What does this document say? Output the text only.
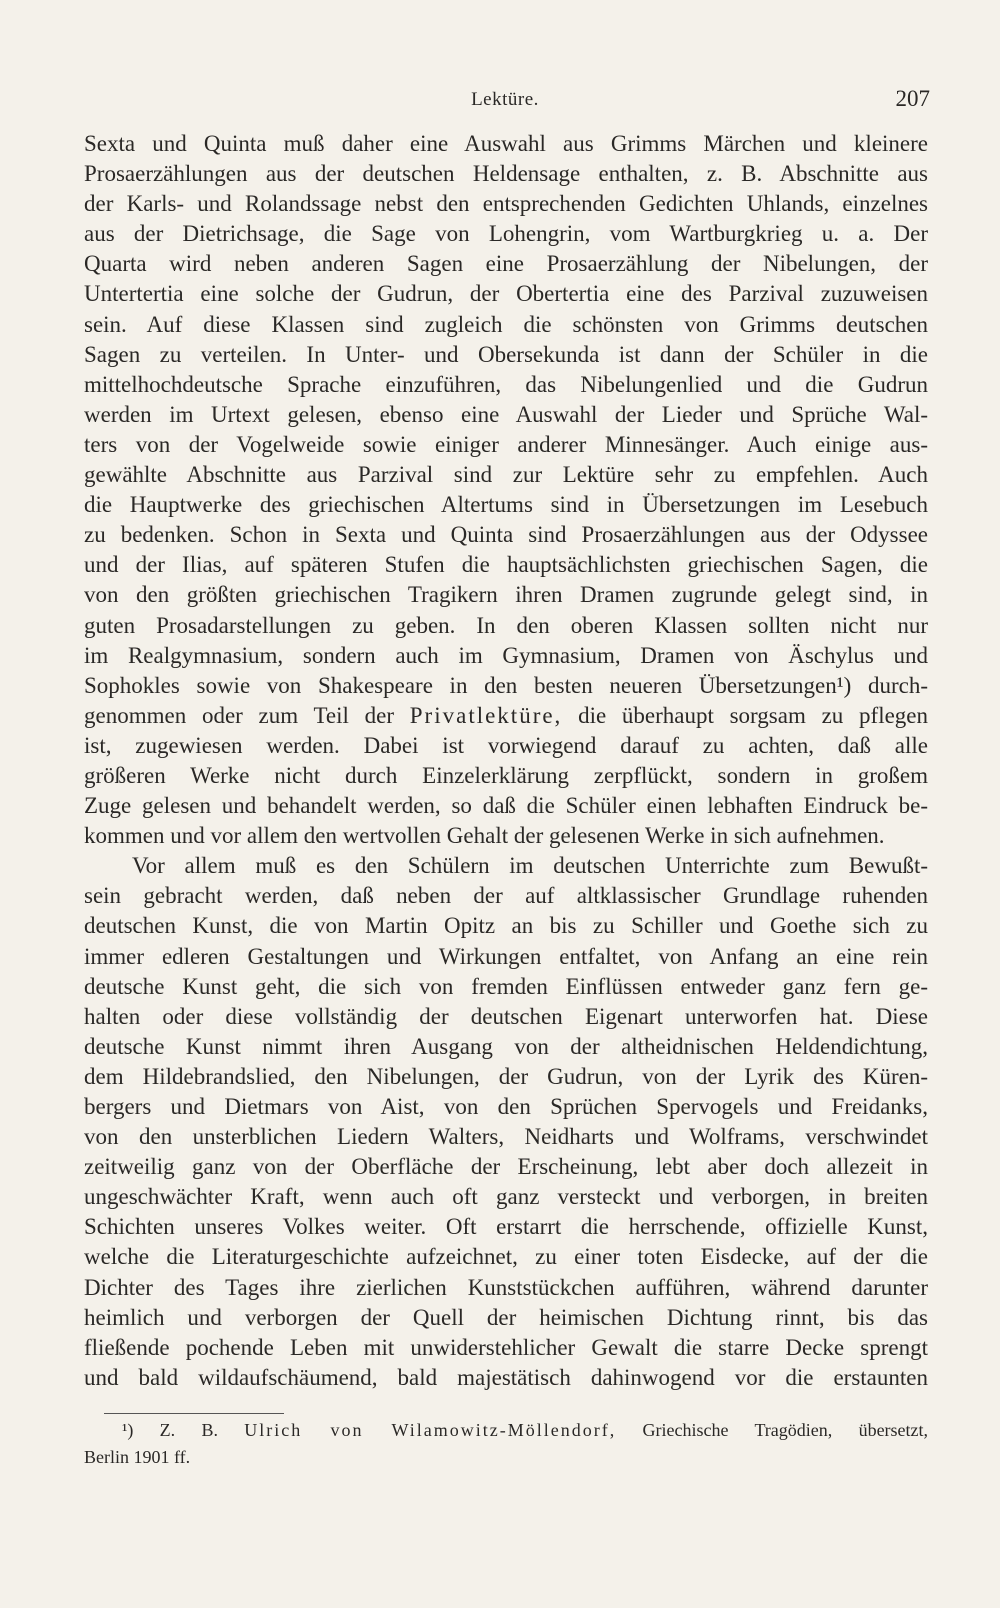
Lektüre.	207
Sexta und Quinta muß daher eine Auswahl aus Grimms Märchen und kleinere
Prosaerzählungen aus der deutschen Heldensage enthalten, z. B. Abschnitte aus
der Karls- und Rolandssage nebst den entsprechenden Gedichten Uhlands, einzelnes
aus der Dietrichsage, die Sage von Lohengrin, vom Wartburgkrieg u. a. Der
Quarta wird neben anderen Sagen eine Prosaerzählung der Nibelungen, der
Untertertia eine solche der Gudrun, der Obertertia eine des Parzival zuzuweisen
sein. Auf diese Klassen sind zugleich die schönsten von Grimms deutschen
Sagen zu verteilen. In Unter- und Obersekunda ist dann der Schüler in die
mittelhochdeutsche Sprache einzuführen, das Nibelungenlied und die Gudrun
werden im Urtext gelesen, ebenso eine Auswahl der Lieder und Sprüche Wal-
ters von der Vogelweide sowie einiger anderer Minnesänger. Auch einige aus-
gewählte Abschnitte aus Parzival sind zur Lektüre sehr zu empfehlen. Auch
die Hauptwerke des griechischen Altertums sind in Übersetzungen im Lesebuch
zu bedenken. Schon in Sexta und Quinta sind Prosaerzählungen aus der Odyssee
und der Ilias, auf späteren Stufen die hauptsächlichsten griechischen Sagen, die
von den größten griechischen Tragikern ihren Dramen zugrunde gelegt sind, in
guten Prosadarstellungen zu geben. In den oberen Klassen sollten nicht nur
im Realgymnasium, sondern auch im Gymnasium, Dramen von Äschylus und
Sophokles sowie von Shakespeare in den besten neueren Übersetzungen¹) durch-
genommen oder zum Teil der Privatlektüre, die überhaupt sorgsam zu pflegen
ist, zugewiesen werden. Dabei ist vorwiegend darauf zu achten, daß alle
größeren Werke nicht durch Einzelerklärung zerpflückt, sondern in großem
Zuge gelesen und behandelt werden, so daß die Schüler einen lebhaften Eindruck be-
kommen und vor allem den wertvollen Gehalt der gelesenen Werke in sich aufnehmen.
Vor allem muß es den Schülern im deutschen Unterrichte zum Bewußt-
sein gebracht werden, daß neben der auf altklassischer Grundlage ruhenden
deutschen Kunst, die von Martin Opitz an bis zu Schiller und Goethe sich zu
immer edleren Gestaltungen und Wirkungen entfaltet, von Anfang an eine rein
deutsche Kunst geht, die sich von fremden Einflüssen entweder ganz fern ge-
halten oder diese vollständig der deutschen Eigenart unterworfen hat. Diese
deutsche Kunst nimmt ihren Ausgang von der altheidnischen Heldendichtung,
dem Hildebrandslied, den Nibelungen, der Gudrun, von der Lyrik des Küren-
bergers und Dietmars von Aist, von den Sprüchen Spervogels und Freidanks,
von den unsterblichen Liedern Walters, Neidharts und Wolframs, verschwindet
zeitweilig ganz von der Oberfläche der Erscheinung, lebt aber doch allezeit in
ungeschwächter Kraft, wenn auch oft ganz versteckt und verborgen, in breiten
Schichten unseres Volkes weiter. Oft erstarrt die herrschende, offizielle Kunst,
welche die Literaturgeschichte aufzeichnet, zu einer toten Eisdecke, auf der die
Dichter des Tages ihre zierlichen Kunststückchen aufführen, während darunter
heimlich und verborgen der Quell der heimischen Dichtung rinnt, bis das
fließende pochende Leben mit unwiderstehlicher Gewalt die starre Decke sprengt
und bald wildaufschäumend, bald majestätisch dahinwogend vor die erstaunten
¹) Z. B. Ulrich von Wilamowitz-Möllendorf, Griechische Tragödien, übersetzt,
Berlin 1901 ff.
